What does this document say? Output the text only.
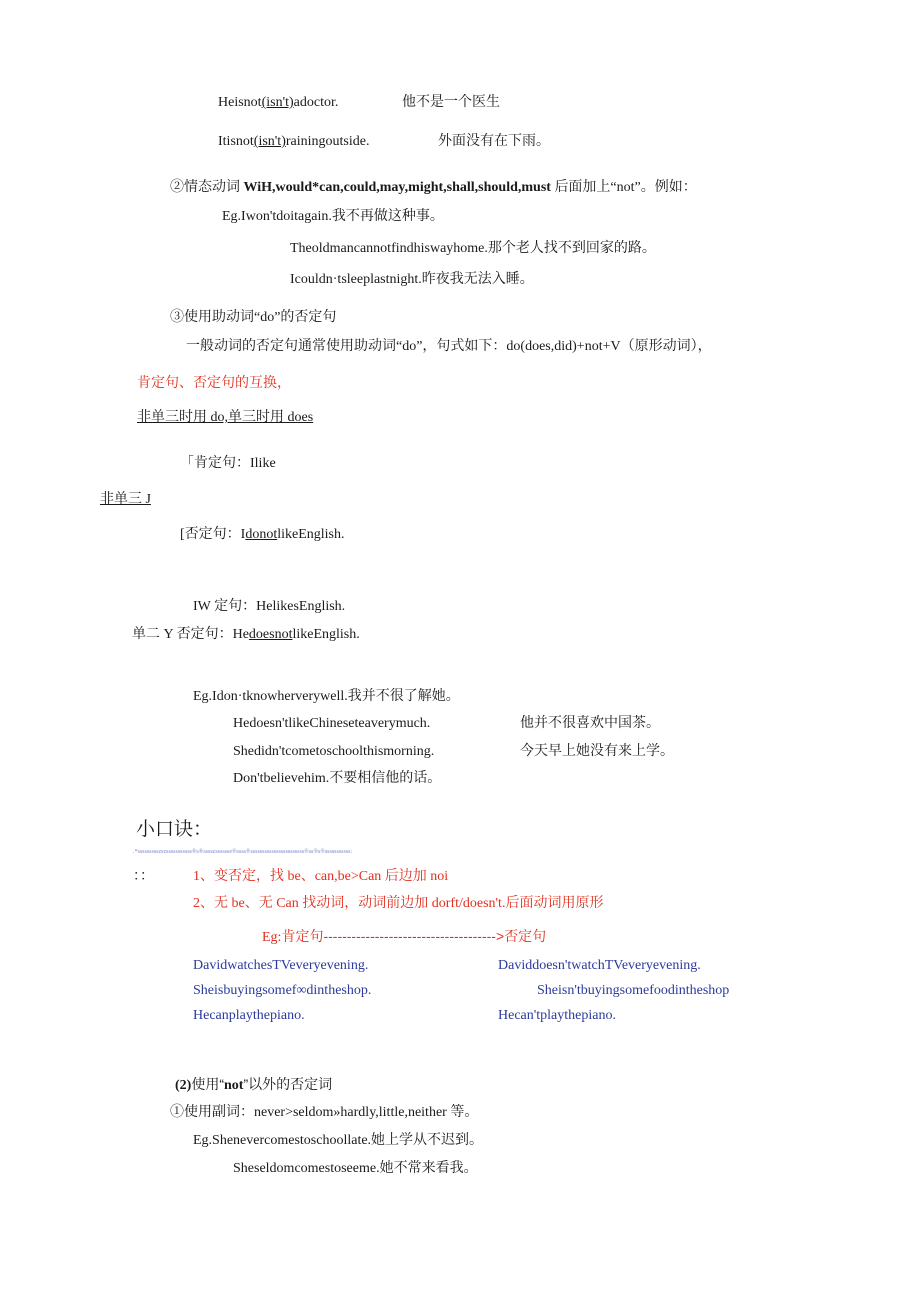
Heisnot(isn't)adoctor.	他不是一个医生
Itisnot(isn't)rainingoutside.	外面没有在下雨。
②情态动词 WiH,would*can,could,may,might,shall,should,must 后面加上“not”。例如：
Eg.Iwon'tdoitagain.我不再做这种事。
Theoldmancannotfindhiswayhome.那个老人找不到回家的路。
Icouldn·tsleeplastnight.昨夜我无法入睡。
③使用助动词“do”的否定句
一般动词的否定句通常使用助动词“do”，句式如下：do(does,did)+not+V（原形动词），
肯定句、否定句的互换，
非单三时用 do,单三时用 does
「肯定句：Ilike
非单三 J
[否定句：IdonotlikeEnglish.
IW 定句：HelikesEnglish.
单二 Y 否定句：HedoesnotlikeEnglish.
Eg.Idon·tknowherverywell.我并不很了解她。
Hedoesn'tlikeChineseteaverymuch.	他并不很喜欢中国茶。
Shedidn'tcometoschoolthismorning.	今天早上她没有来上学。
Don'tbelievehim.不要相信他的话。
小口诀：
.*ssssssssszszsssssssssss®s®sssszsssssse®ssss®sssssssssssssssssssssss®ss®s®sssssssssss:
：：	1、变否定，找 be、can,be>Can 后边加 noi
2、无 be、无 Can 找动词，动词前边加 dorft/doesn't.后面动词用原形
Eg:肯定句------------------------------------->否定句
DavidwatchesTVeveryevening.	Daviddoesn'twatchTVeveryevening.
Sheisbuyingsomef∞dintheshop.	Sheisn'tbuyingsomefoodintheshop
Hecanplaythepiano.	Hecan'tplaythepiano.
(2)使用“not”以外的否定词
①使用副词：never>seldom»hardly,little,neither 等。
Eg.Shenevercomestoschoollate.她上学从不迟到。
Sheseldomcomestoseeme.她不常来看我。
